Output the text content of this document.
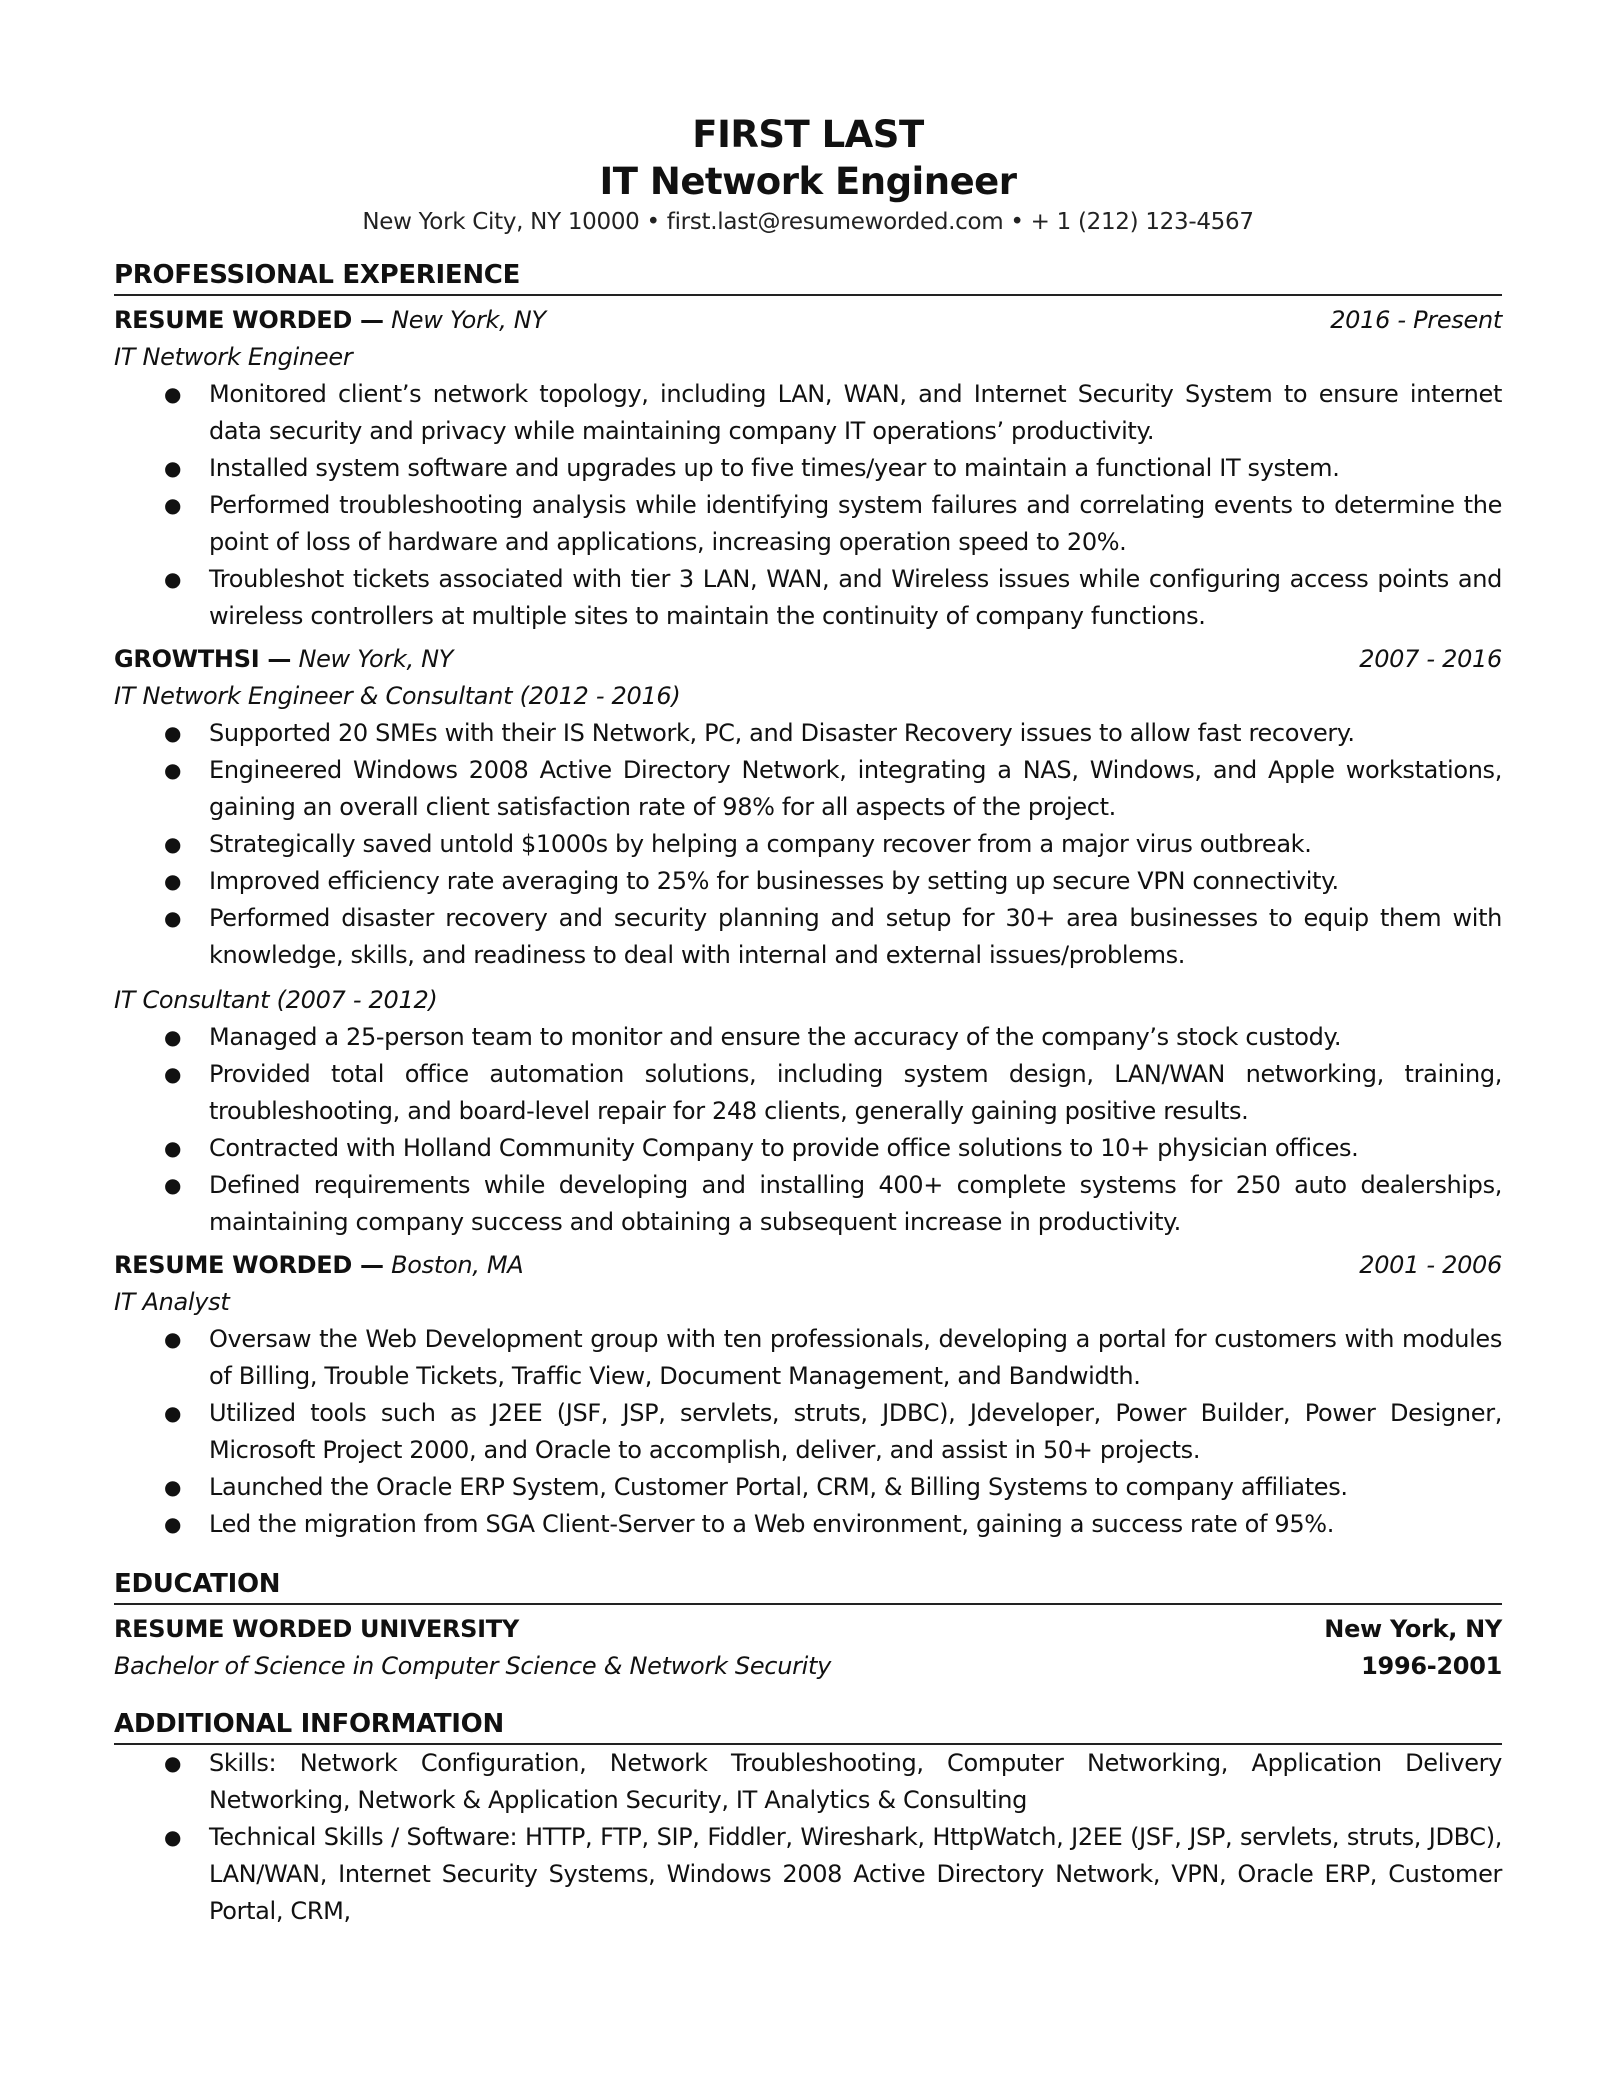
FIRST LAST
IT Network Engineer
New York City, NY 10000 • first.last@resumeworded.com • + 1 (212) 123-4567
PROFESSIONAL EXPERIENCE
RESUME WORDED — New York, NY	2016 - Present
IT Network Engineer
● Monitored client’s network topology, including LAN, WAN, and Internet Security System to ensure internet data security and privacy while maintaining company IT operations’ productivity.
● Installed system software and upgrades up to five times/year to maintain a functional IT system.
● Performed troubleshooting analysis while identifying system failures and correlating events to determine the point of loss of hardware and applications, increasing operation speed to 20%.
● Troubleshot tickets associated with tier 3 LAN, WAN, and Wireless issues while configuring access points and wireless controllers at multiple sites to maintain the continuity of company functions.
GROWTHSI — New York, NY	2007 - 2016
IT Network Engineer & Consultant (2012 - 2016)
● Supported 20 SMEs with their IS Network, PC, and Disaster Recovery issues to allow fast recovery.
● Engineered Windows 2008 Active Directory Network, integrating a NAS, Windows, and Apple workstations, gaining an overall client satisfaction rate of 98% for all aspects of the project.
● Strategically saved untold $1000s by helping a company recover from a major virus outbreak.
● Improved efficiency rate averaging to 25% for businesses by setting up secure VPN connectivity.
● Performed disaster recovery and security planning and setup for 30+ area businesses to equip them with knowledge, skills, and readiness to deal with internal and external issues/problems.
IT Consultant (2007 - 2012)
● Managed a 25-person team to monitor and ensure the accuracy of the company’s stock custody.
● Provided total office automation solutions, including system design, LAN/WAN networking, training, troubleshooting, and board-level repair for 248 clients, generally gaining positive results.
● Contracted with Holland Community Company to provide office solutions to 10+ physician offices.
● Defined requirements while developing and installing 400+ complete systems for 250 auto dealerships, maintaining company success and obtaining a subsequent increase in productivity.
RESUME WORDED — Boston, MA	2001 - 2006
IT Analyst
● Oversaw the Web Development group with ten professionals, developing a portal for customers with modules of Billing, Trouble Tickets, Traffic View, Document Management, and Bandwidth.
● Utilized tools such as J2EE (JSF, JSP, servlets, struts, JDBC), Jdeveloper, Power Builder, Power Designer, Microsoft Project 2000, and Oracle to accomplish, deliver, and assist in 50+ projects.
● Launched the Oracle ERP System, Customer Portal, CRM, & Billing Systems to company affiliates.
● Led the migration from SGA Client-Server to a Web environment, gaining a success rate of 95%.
EDUCATION
RESUME WORDED UNIVERSITY	New York, NY
Bachelor of Science in Computer Science & Network Security	1996-2001
ADDITIONAL INFORMATION
● Skills: Network Configuration, Network Troubleshooting, Computer Networking, Application Delivery Networking, Network & Application Security, IT Analytics & Consulting
● Technical Skills / Software: HTTP, FTP, SIP, Fiddler, Wireshark, HttpWatch, J2EE (JSF, JSP, servlets, struts, JDBC), LAN/WAN, Internet Security Systems, Windows 2008 Active Directory Network, VPN, Oracle ERP, Customer Portal, CRM,
